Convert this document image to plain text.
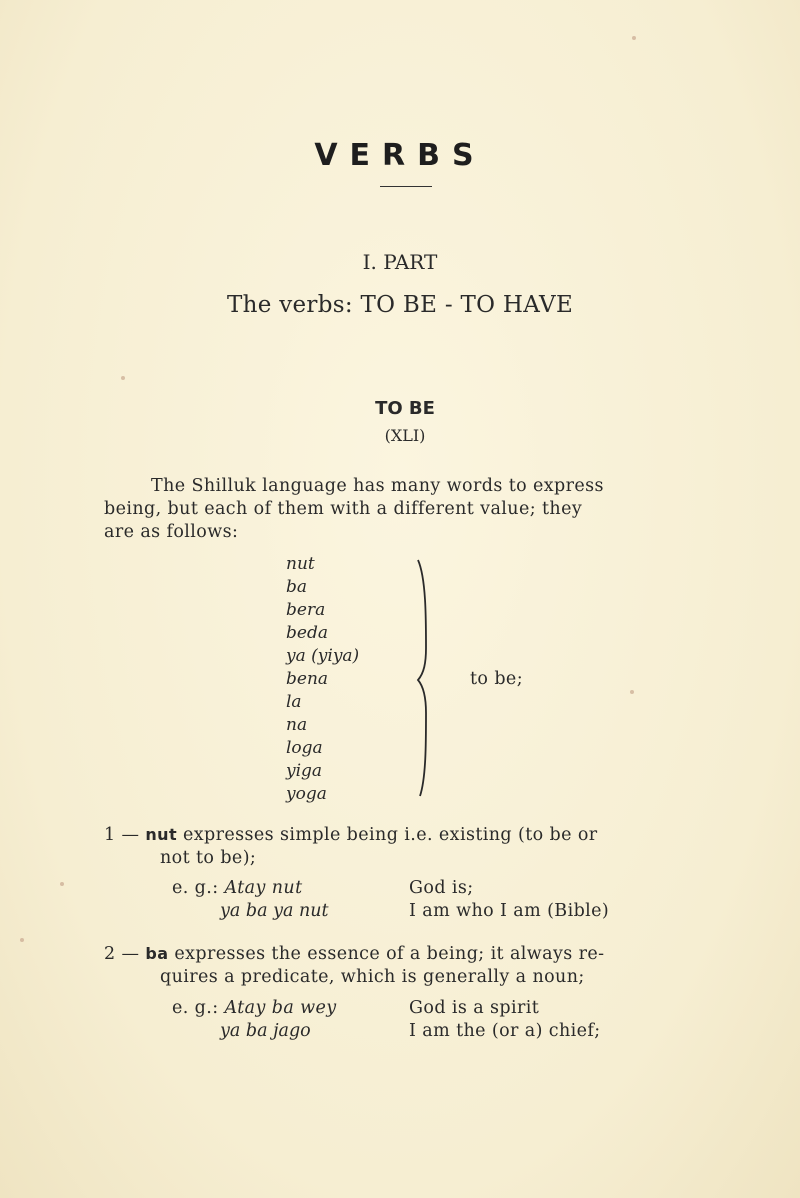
VERBS
I. PART
The verbs: TO BE - TO HAVE
TO BE
(XLI)
The Shilluk language has many words to express
being, but each of them with a different value; they
are as follows:
nut
ba
bera
beda
ya (yiya)
bena
la
na
loga
yiga
yoga
to be;
1 — nut expresses simple being i.e. existing (to be or
not to be);
e. g.: Atay nut	God is;
ya ba ya nut	I am who I am (Bible)
2 — ba expresses the essence of a being; it always re-
quires a predicate, which is generally a noun;
e. g.: Atay ba wey	God is a spirit
ya ba jago	I am the (or a) chief;
